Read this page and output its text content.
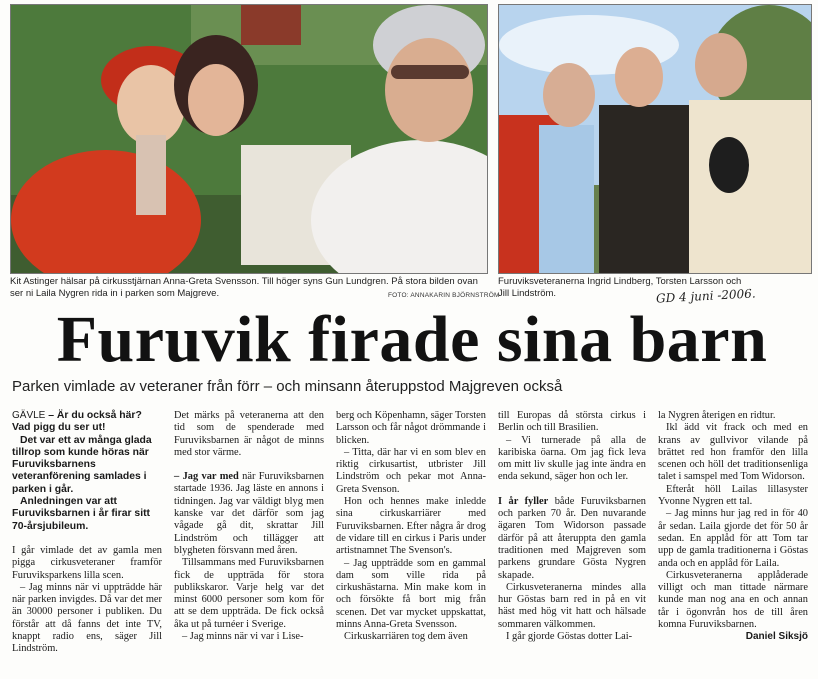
Kit Astinger hälsar på cirkusstjärnan Anna-Greta Svensson. Till höger syns Gun Lundgren. På stora bilden ovan ser ni Laila Nygren rida in i parken som Majgreve.	FOTO: ANNAKARIN BJÖRNSTRÖM
Furuviksveteranerna Ingrid Lindberg, Torsten Larsson och Jill Lindström.	GD 4 juni -2006.
Furuvik firade sina barn
Parken vimlade av veteraner från förr – och minsann återuppstod Majgreven också

GÄVLE – Är du också här? Vad pigg du ser ut!

Det var ett av många glada tillrop som kunde höras när Furuviksbarnens veteranförening samlades i parken i går.

Anledningen var att Furuviksbarnen i år firar sitt 70-årsjubileum.

I går vimlade det av gamla men pigga cirkusveteraner framför Furuviksparkens lilla scen.

– Jag minns när vi uppträdde här när parken invigdes. Då var det mer än 30000 personer i publiken. Du förstår att då fanns det inte TV, knappt radio ens, säger Jill Lindström.

Det märks på veteranerna att den tid som de spenderade med Furuviksbarnen är något de minns med stor värme.

– Jag var med när Furuviksbarnen startade 1936. Jag läste en annons i tidningen. Jag var väldigt blyg men kanske var det därför som jag vågade gå dit, skrattar Jill Lindström och tillägger att blygheten försvann med åren.

Tillsammans med Furuviksbarnen fick de uppträda för stora publikskaror. Varje helg var det minst 6000 personer som kom för att se dem uppträda. De fick också åka ut på turnéer i Sverige.

– Jag minns när vi var i Lise-

berg och Köpenhamn, säger Torsten Larsson och får något drömmande i blicken.

– Titta, där har vi en som blev en riktig cirkusartist, utbrister Jill Lindström och pekar mot Anna-Greta Svenson.

Hon och hennes make inledde sina cirkuskarriärer med Furuviksbarnen. Efter några år drog de vidare till en cirkus i Paris under artistnamnet The Svenson's.

– Jag uppträdde som en gammal dam som ville rida på cirkushästarna. Min make kom in och försökte få bort mig från scenen. Det var mycket uppskattat, minns Anna-Greta Svensson.

Cirkuskarriären tog dem även

till Europas då största cirkus i Berlin och till Brasilien.

– Vi turnerade på alla de karibiska öarna. Om jag fick leva om mitt liv skulle jag inte ändra en enda sekund, säger hon och ler.

I år fyller både Furuviksbarnen och parken 70 år. Den nuvarande ägaren Tom Widorson passade därför på att återuppta den gamla traditionen med Majgreven som parkens grundare Gösta Nygren skapade.

Cirkusveteranerna mindes alla hur Göstas barn red in på en vit häst med hög vit hatt och hälsade sommaren välkommen.

I går gjorde Göstas dotter Lai-

la Nygren återigen en ridtur.

Ikl ädd vit frack och med en krans av gullvivor vilande på brättet red hon framför den lilla scenen och höll det traditionsenliga talet i samspel med Tom Widorson.

Efteråt höll Lailas lillasyster Yvonne Nygren ett tal.

– Jag minns hur jag red in för 40 år sedan. Laila gjorde det för 50 år sedan. En applåd för att Tom tar upp de gamla traditionerna i Göstas anda och en applåd för Laila.

Cirkusveteranerna applåderade villigt och man tittade närmare kunde man nog ana en och annan tår i ögonvrån hos de till åren komna Furuviksbarnen.

Daniel Siksjö
